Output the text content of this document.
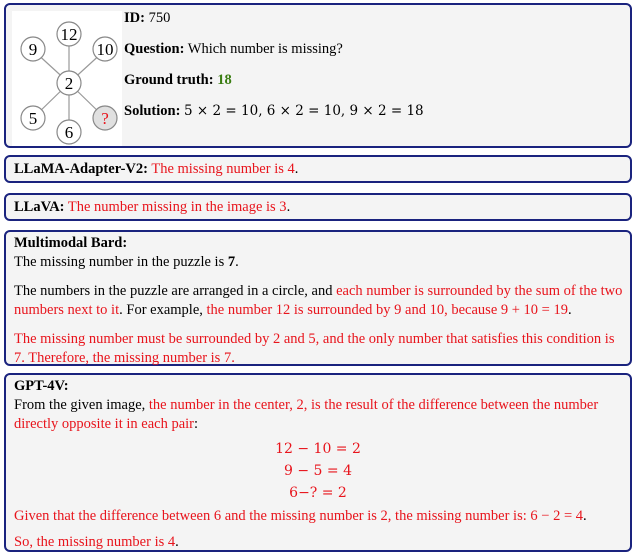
2
12
10
?
6
5
9
ID: 750
Question: Which number is missing?
Ground truth: 18
Solution: 5 × 2 = 10, 6 × 2 = 10, 9 × 2 = 18
LLaMA-Adapter-V2: The missing number is 4.
LLaVA: The number missing in the image is 3.
Multimodal Bard:
The missing number in the puzzle is 7.
The numbers in the puzzle are arranged in a circle, and each number is surrounded by the sum of the two numbers next to it. For example, the number 12 is surrounded by 9 and 10, because 9 + 10 = 19.
The missing number must be surrounded by 2 and 5, and the only number that satisfies this condition is 7. Therefore, the missing number is 7.
GPT-4V:
From the given image, the number in the center, 2, is the result of the difference between the number directly opposite it in each pair:
12 − 10 = 2
9 − 5 = 4
6−? = 2
Given that the difference between 6 and the missing number is 2, the missing number is: 6 − 2 = 4.
So, the missing number is 4.
